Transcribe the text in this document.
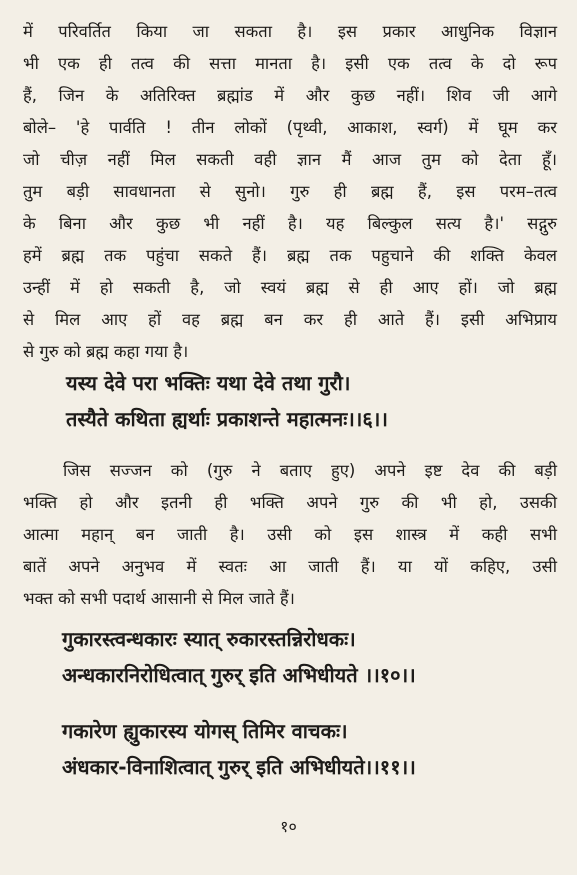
में परिवर्तित किया जा सकता है। इस प्रकार आधुनिक विज्ञान
भी एक ही तत्व की सत्ता मानता है। इसी एक तत्व के दो रूप
हैं, जिन के अतिरिक्त ब्रह्मांड में और कुछ नहीं। शिव जी आगे
बोले– 'हे पार्वति ! तीन लोकों (पृथ्वी, आकाश, स्वर्ग) में घूम कर
जो चीज़ नहीं मिल सकती वही ज्ञान मैं आज तुम को देता हूँ।
तुम बड़ी सावधानता से सुनो। गुरु ही ब्रह्म हैं, इस परम–तत्व
के बिना और कुछ भी नहीं है। यह बिल्कुल सत्य है।' सद्गुरु
हमें ब्रह्म तक पहुंचा सकते हैं। ब्रह्म तक पहुचाने की शक्ति केवल
उन्हीं में हो सकती है, जो स्वयं ब्रह्म से ही आए हों। जो ब्रह्म
से मिल आए हों वह ब्रह्म बन कर ही आते हैं। इसी अभिप्राय
से गुरु को ब्रह्म कहा गया है।
यस्य देवे परा भक्तिः यथा देवे तथा गुरौ।
तस्यैते कथिता ह्यर्थाः प्रकाशन्ते महात्मनः।।६।।
जिस सज्जन को (गुरु ने बताए हुए) अपने इष्ट देव की बड़ी
भक्ति हो और इतनी ही भक्ति अपने गुरु की भी हो, उसकी
आत्मा महान् बन जाती है। उसी को इस शास्त्र में कही सभी
बातें अपने अनुभव में स्वतः आ जाती हैं। या यों कहिए, उसी
भक्त को सभी पदार्थ आसानी से मिल जाते हैं।
गुकारस्त्वन्धकारः स्यात् रुकारस्तन्निरोधकः।
अन्धकारनिरोधित्वात् गुरुर् इति अभिधीयते ।।१०।।
गकारेण ह्युकारस्य योगस् तिमिर वाचकः।
अंधकार-विनाशित्वात् गुरुर् इति अभिधीयते।।११।।
१०
